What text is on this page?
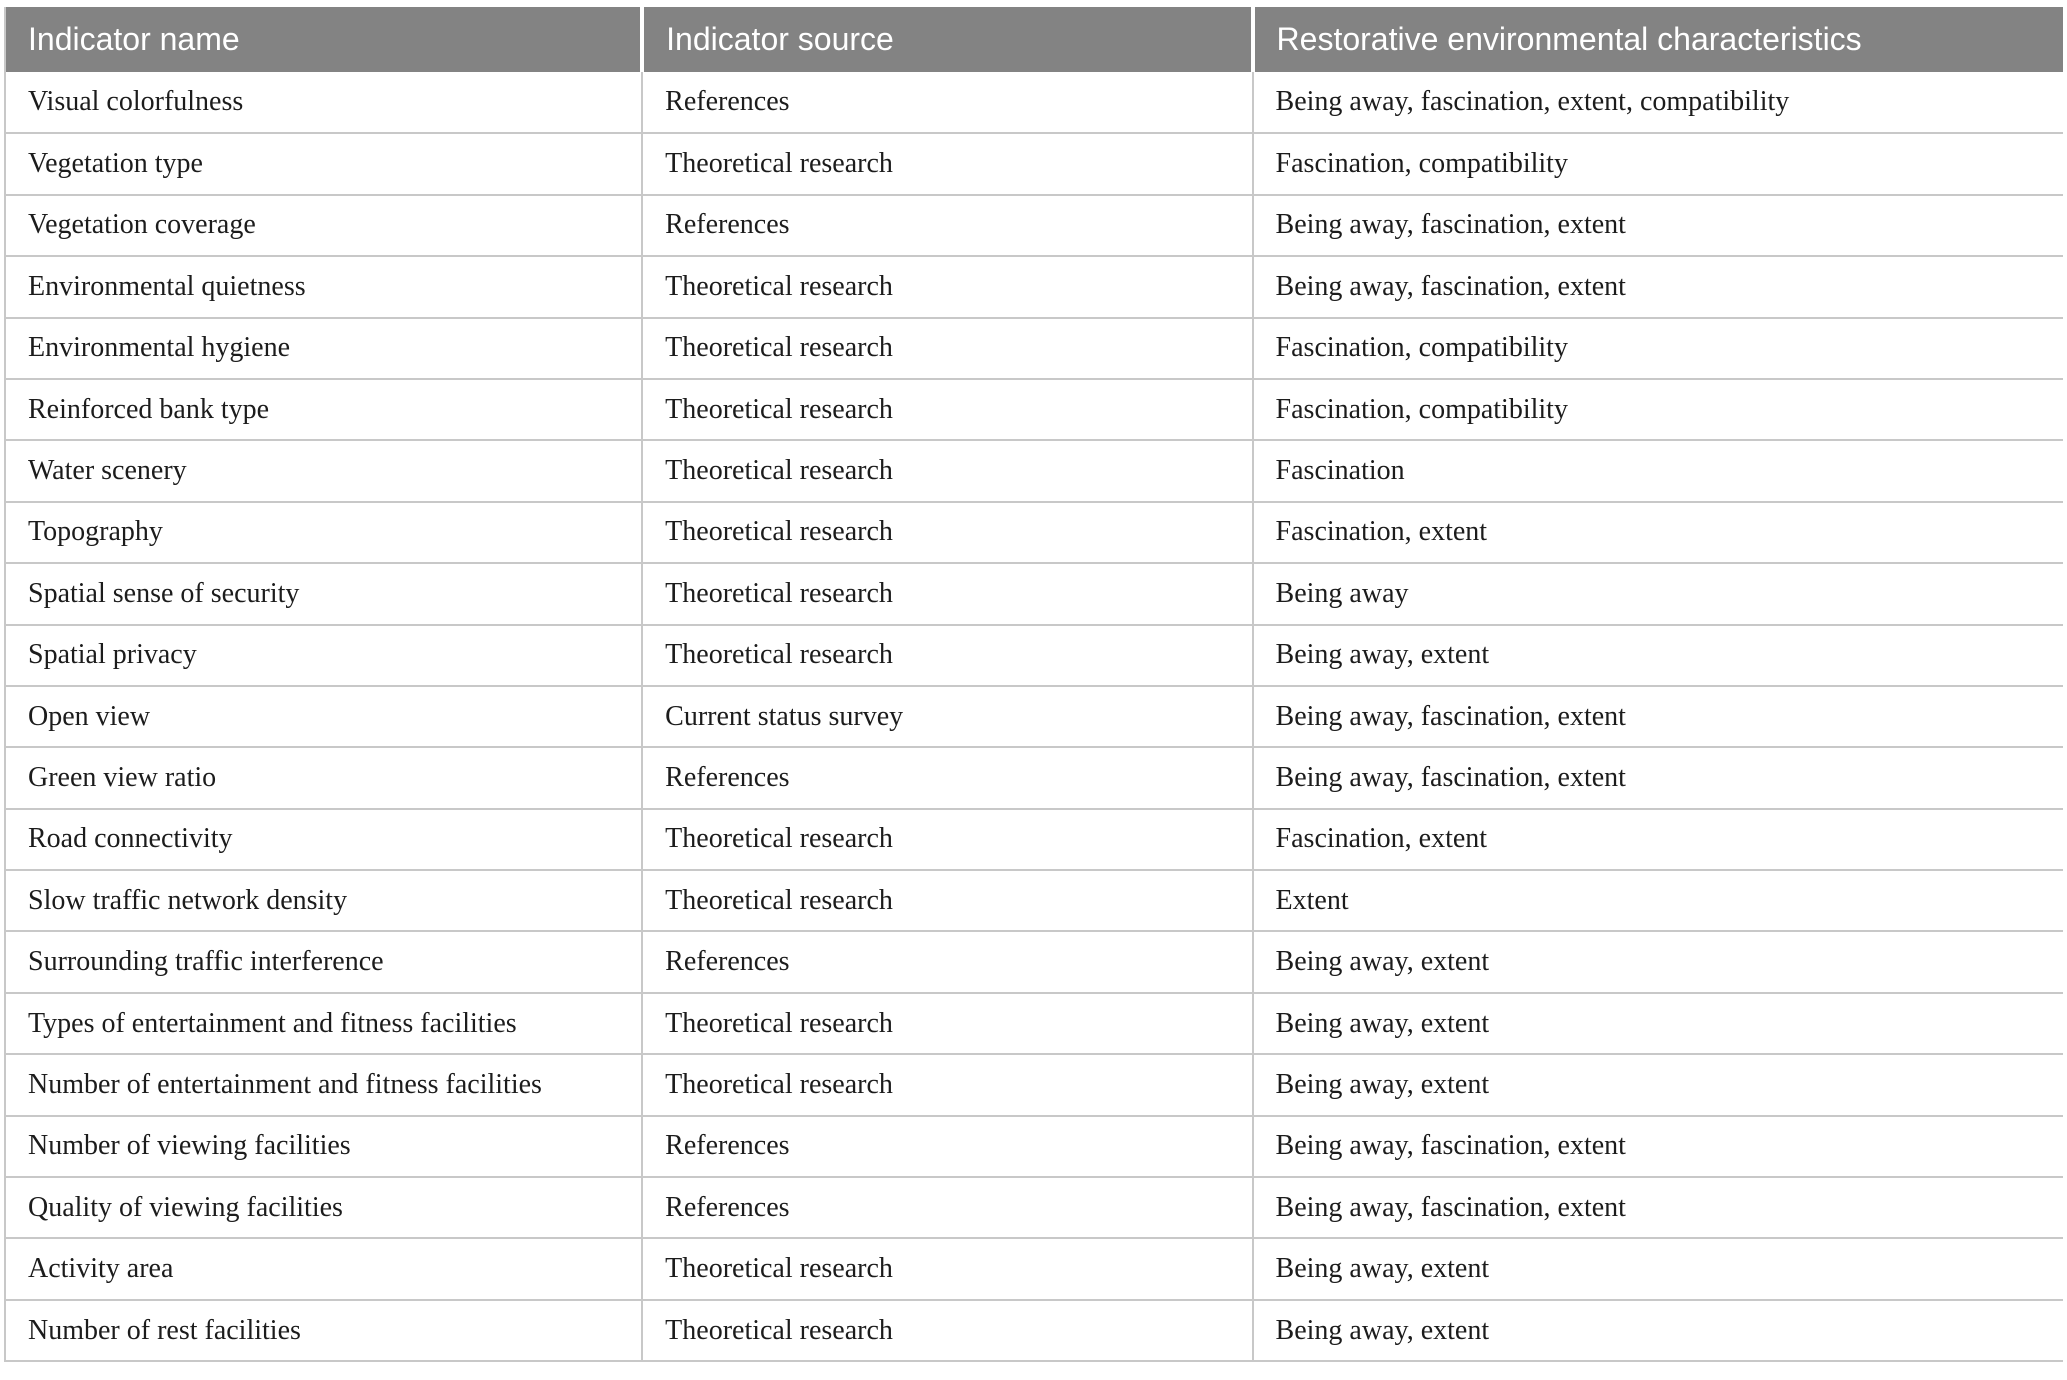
Indicator name	Indicator source	Restorative environmental characteristics
Visual colorfulness	References	Being away, fascination, extent, compatibility
Vegetation type	Theoretical research	Fascination, compatibility
Vegetation coverage	References	Being away, fascination, extent
Environmental quietness	Theoretical research	Being away, fascination, extent
Environmental hygiene	Theoretical research	Fascination, compatibility
Reinforced bank type	Theoretical research	Fascination, compatibility
Water scenery	Theoretical research	Fascination
Topography	Theoretical research	Fascination, extent
Spatial sense of security	Theoretical research	Being away
Spatial privacy	Theoretical research	Being away, extent
Open view	Current status survey	Being away, fascination, extent
Green view ratio	References	Being away, fascination, extent
Road connectivity	Theoretical research	Fascination, extent
Slow traffic network density	Theoretical research	Extent
Surrounding traffic interference	References	Being away, extent
Types of entertainment and fitness facilities	Theoretical research	Being away, extent
Number of entertainment and fitness facilities	Theoretical research	Being away, extent
Number of viewing facilities	References	Being away, fascination, extent
Quality of viewing facilities	References	Being away, fascination, extent
Activity area	Theoretical research	Being away, extent
Number of rest facilities	Theoretical research	Being away, extent
